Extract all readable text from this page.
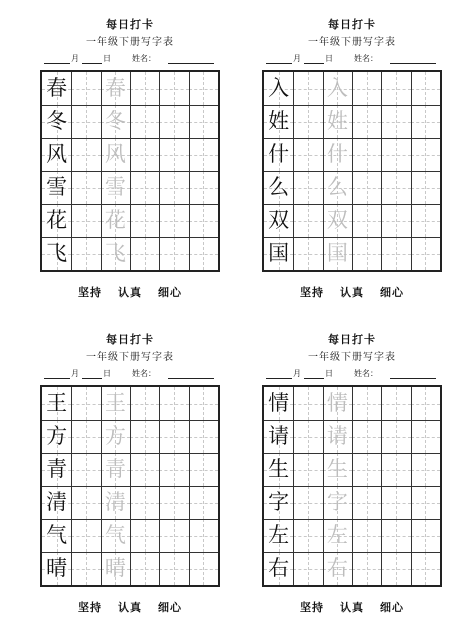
每日打卡
一年级下册写字表
月	日	姓名：
春 春
冬 冬
风 风
雪 雪
花 花
飞 飞
坚持 认真 细心
每日打卡
一年级下册写字表
月	日	姓名：
入 入
姓 姓
什 什
么 么
双 双
国 国
坚持 认真 细心
每日打卡
一年级下册写字表
月	日	姓名：
王 王
方 方
青 青
清 清
气 气
晴 晴
坚持 认真 细心
每日打卡
一年级下册写字表
月	日	姓名：
情 情
请 请
生 生
字 字
左 左
右 右
坚持 认真 细心
